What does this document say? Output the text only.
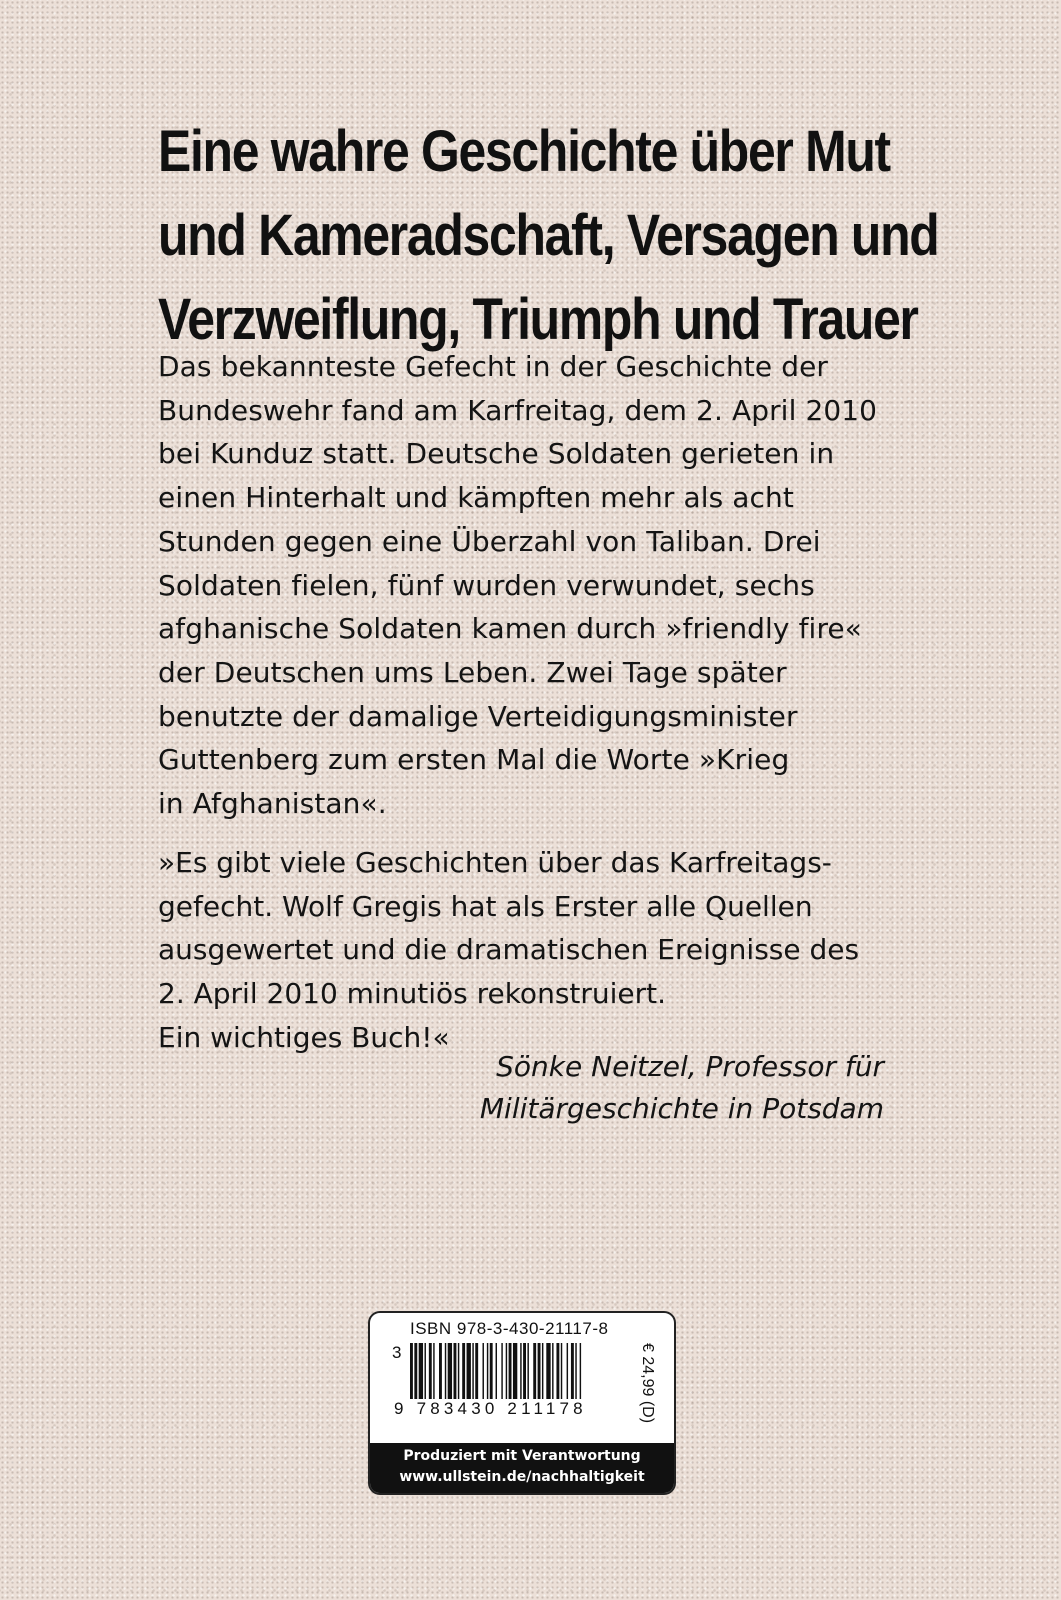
Eine wahre Geschichte über Mut
und Kameradschaft, Versagen und
Verzweiflung, Triumph und Trauer
Das bekannteste Gefecht in der Geschichte der
Bundeswehr fand am Karfreitag, dem 2. April 2010
bei Kunduz statt. Deutsche Soldaten gerieten in
einen Hinterhalt und kämpften mehr als acht
Stunden gegen eine Überzahl von Taliban. Drei
Soldaten fielen, fünf wurden verwundet, sechs
afghanische Soldaten kamen durch »friendly fire«
der Deutschen ums Leben. Zwei Tage später
benutzte der damalige Verteidigungsminister
Guttenberg zum ersten Mal die Worte »Krieg
in Afghanistan«.
»Es gibt viele Geschichten über das Karfreitags-
gefecht. Wolf Gregis hat als Erster alle Quellen
ausgewertet und die dramatischen Ereignisse des
2. April 2010 minutiös rekonstruiert.
Ein wichtiges Buch!«
Sönke Neitzel, Professor für
Militärgeschichte in Potsdam
ISBN 978-3-430-21117-8
3
9 783430 211178	€ 24,99 (D)
Produziert mit Verantwortung
www.ullstein.de/nachhaltigkeit
